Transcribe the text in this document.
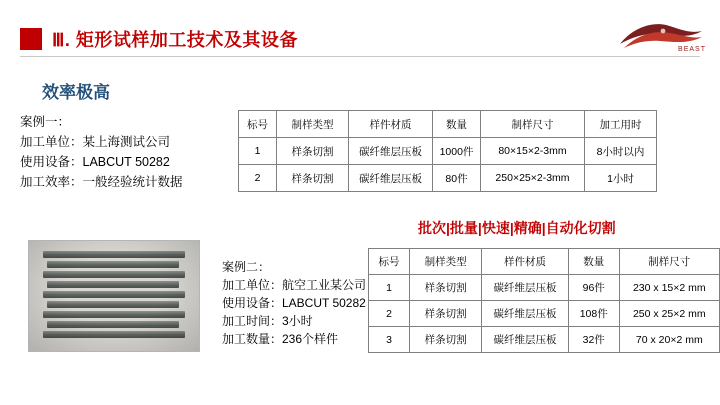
Ⅲ. 矩形试样加工技术及其设备	BEAST
效率极高
案例一：
加工单位：某上海测试公司
使用设备：LABCUT 50282
加工效率：一般经验统计数据
标号	制样类型	样件材质	数量	制样尺寸	加工用时
1	样条切割	碳纤维层压板	1000件	80×15×2-3mm	8小时以内
2	样条切割	碳纤维层压板	80件	250×25×2-3mm	1小时
批次|批量|快速|精确|自动化切割
案例二：
加工单位：航空工业某公司
使用设备：LABCUT 50282
加工时间：3小时
加工数量：236个样件
标号	制样类型	样件材质	数量	制样尺寸
1	样条切割	碳纤维层压板	96件	230 x 15×2 mm
2	样条切割	碳纤维层压板	108件	250 x 25×2 mm
3	样条切割	碳纤维层压板	32件	70 x 20×2 mm
